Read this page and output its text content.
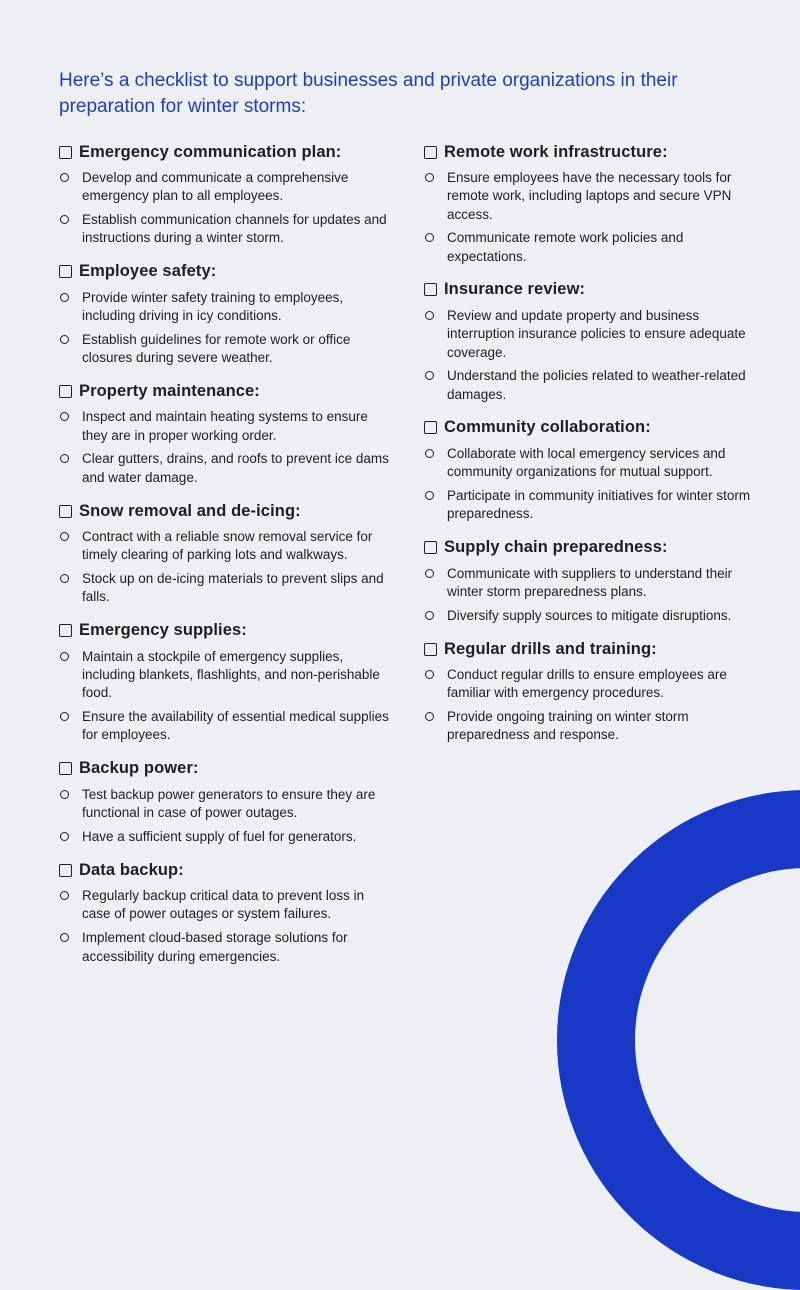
Here’s a checklist to support businesses and private organizations in their preparation for winter storms:
Emergency communication plan:
Develop and communicate a comprehensive emergency plan to all employees.
Establish communication channels for updates and instructions during a winter storm.
Employee safety:
Provide winter safety training to employees, including driving in icy conditions.
Establish guidelines for remote work or office closures during severe weather.
Property maintenance:
Inspect and maintain heating systems to ensure they are in proper working order.
Clear gutters, drains, and roofs to prevent ice dams and water damage.
Snow removal and de-icing:
Contract with a reliable snow removal service for timely clearing of parking lots and walkways.
Stock up on de-icing materials to prevent slips and falls.
Emergency supplies:
Maintain a stockpile of emergency supplies, including blankets, flashlights, and non-perishable food.
Ensure the availability of essential medical supplies for employees.
Backup power:
Test backup power generators to ensure they are functional in case of power outages.
Have a sufficient supply of fuel for generators.
Data backup:
Regularly backup critical data to prevent loss in case of power outages or system failures.
Implement cloud-based storage solutions for accessibility during emergencies.
Remote work infrastructure:
Ensure employees have the necessary tools for remote work, including laptops and secure VPN access.
Communicate remote work policies and expectations.
Insurance review:
Review and update property and business interruption insurance policies to ensure adequate coverage.
Understand the policies related to weather-related damages.
Community collaboration:
Collaborate with local emergency services and community organizations for mutual support.
Participate in community initiatives for winter storm preparedness.
Supply chain preparedness:
Communicate with suppliers to understand their winter storm preparedness plans.
Diversify supply sources to mitigate disruptions.
Regular drills and training:
Conduct regular drills to ensure employees are familiar with emergency procedures.
Provide ongoing training on winter storm preparedness and response.
